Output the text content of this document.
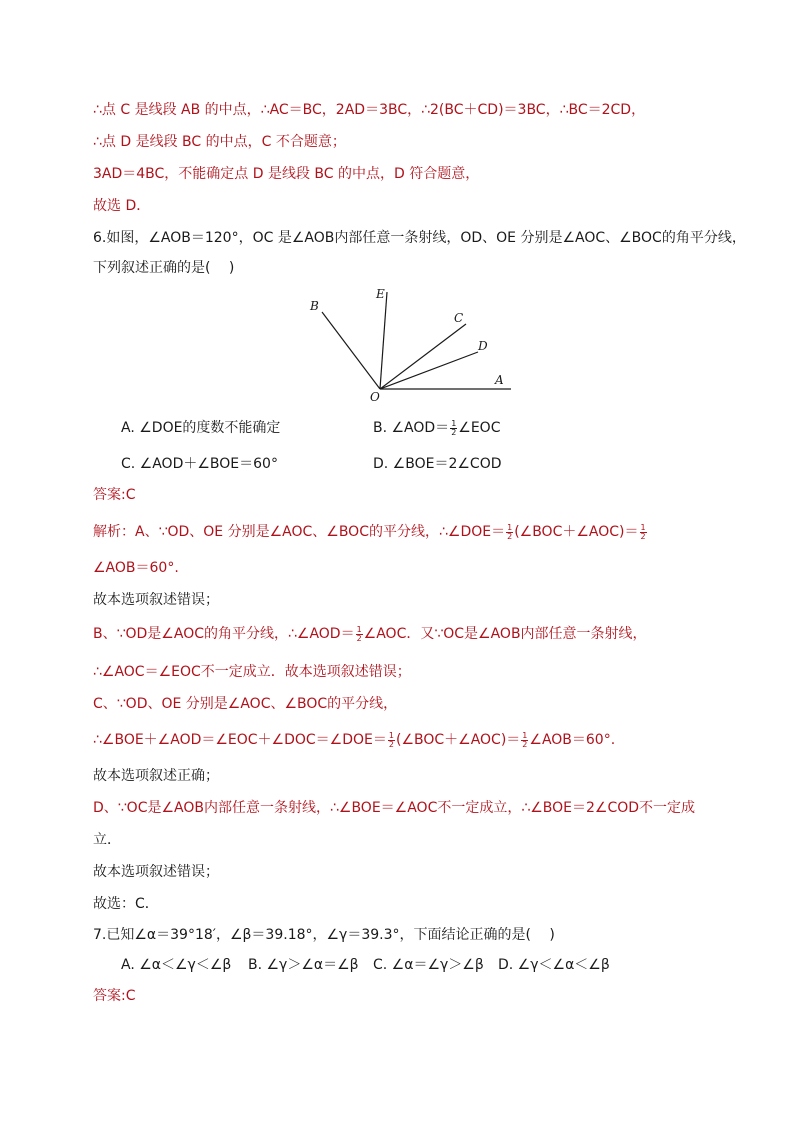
∴点 C 是线段 AB 的中点，∴AC＝BC，2AD＝3BC，∴2(BC＋CD)＝3BC，∴BC＝2CD，
∴点 D 是线段 BC 的中点，C 不合题意；
3AD＝4BC，不能确定点 D 是线段 BC 的中点，D 符合题意，
故选 D．
6.如图，∠AOB＝120°，OC 是∠AOB内部任意一条射线，OD、OE 分别是∠AOC、∠BOC的角平分线，
下列叙述正确的是(　 )
B
E
C
D
A
O
A. ∠DOE的度数不能确定	B. ∠AOD＝ $\frac{1}{2}$ ∠EOC
C. ∠AOD＋∠BOE＝60°	D. ∠BOE＝2∠COD
答案:C
解析：A、∵OD、OE 分别是∠AOC、∠BOC的平分线，∴∠DOE＝ $\frac{1}{2}$ (∠BOC＋∠AOC)＝ $\frac{1}{2}$
∠AOB＝60°.
故本选项叙述错误；
B、∵OD是∠AOC的角平分线，∴∠AOD＝ $\frac{1}{2}$ ∠AOC．又∵OC是∠AOB内部任意一条射线，
∴∠AOC＝∠EOC不一定成立．故本选项叙述错误；
C、∵OD、OE 分别是∠AOC、∠BOC的平分线，
∴∠BOE＋∠AOD＝∠EOC＋∠DOC＝∠DOE＝ $\frac{1}{2}$ (∠BOC＋∠AOC)＝ $\frac{1}{2}$ ∠AOB＝60°.
故本选项叙述正确；
D、∵OC是∠AOB内部任意一条射线，∴∠BOE＝∠AOC不一定成立，∴∠BOE＝2∠COD不一定成
立．
故本选项叙述错误；
故选：C．
7.已知∠α＝39°18′，∠β＝39.18°，∠γ＝39.3°，下面结论正确的是(　 )
A. ∠α＜∠γ＜∠β B. ∠γ＞∠α＝∠β C. ∠α＝∠γ＞∠β D. ∠γ＜∠α＜∠β
答案:C
